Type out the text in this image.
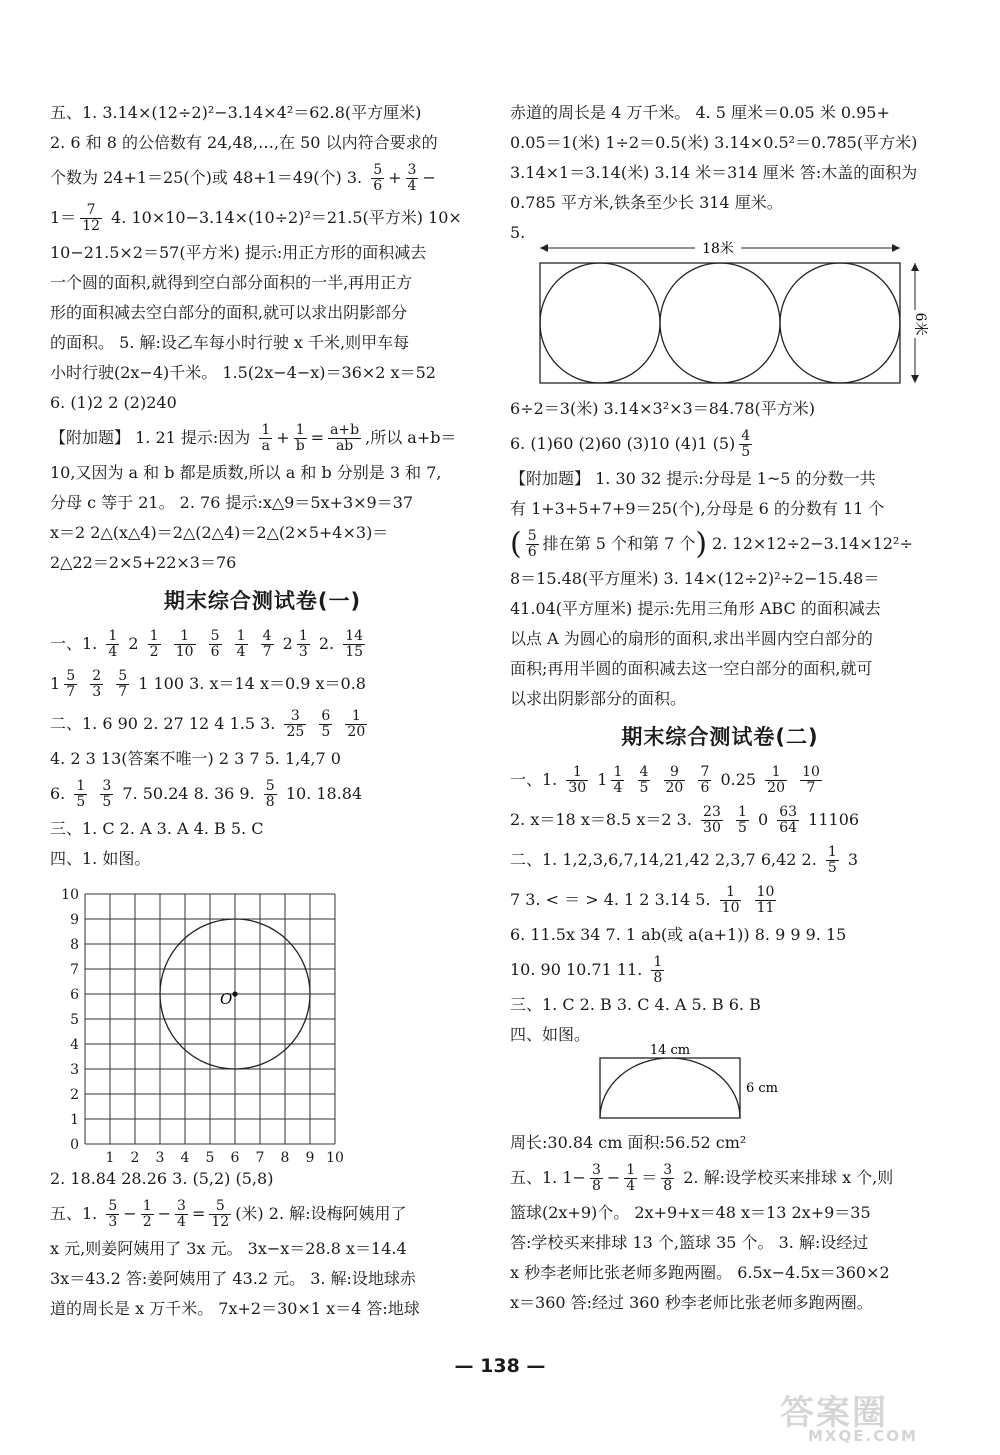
五、1. 3.14×(12÷2)²−3.14×4²＝62.8(平方厘米)
2. 6 和 8 的公倍数有 24,48,…,在 50 以内符合要求的
个数为 24+1＝25(个)或 48+1＝49(个) 3. $\frac{5}{6} + \frac{3}{4}$ −
$1= \frac{7}{12} 4$. 10×10−3.14×(10÷2)²＝21.5(平方米) 10×
10−21.5×2＝57(平方米) 提示:用正方形的面积减去
一个圆的面积,就得到空白部分面积的一半,再用正方
形的面积减去空白部分的面积,就可以求出阴影部分
的面积。 5. 解:设乙车每小时行驶 x 千米,则甲车每
小时行驶(2x−4)千米。 1.5(2x−4−x)＝36×2 x＝52
6. (1)2 2 (2)240
【附加题】 1. 21 提示:因为 $\frac{1}{a} + \frac{1}{b} = \frac{a+b}{ab}$ ,所以 a+b＝
10,又因为 a 和 b 都是质数,所以 a 和 b 分别是 3 和 7,
分母 c 等于 21。 2. 76 提示:x△9＝5x+3×9＝37
x＝2 2△(x△4)＝2△(2△4)＝2△(2×5+4×3)＝
2△22＝2×5+22×3＝76
期末综合测试卷(一)
一、1. $\frac{1}{4} 2 \frac{1}{2}$
$\frac{1}{10}$
$\frac{5}{6}$
$\frac{1}{4}$
$\frac{4}{7} 2 \frac{1}{3} 2$. $\frac{14}{15}$
$1 \frac{5}{7}$
$\frac{2}{3}$
$\frac{5}{7} 1$ 100 3. x＝14 x＝0.9 x＝0.8
二、1. 6 90 2. 27 12 4 1.5 3. $\frac{3}{25}$
$\frac{6}{5}$
$\frac{1}{20}$
4. 2 3 13(答案不唯一) 2 3 7 5. 1,4,7 0
6. $\frac{1}{5}$
$\frac{3}{5} 7$. 50.24 8. 36 9. $\frac{5}{8} 10$. 18.84
三、1. C 2. A 3. A 4. B 5. C
四、1. 如图。
O
10
9
8
7
6
5
4
3
2
1
0
1 2 3 4 5 6 7 8 9 10
2. 18.84 28.26 3. (5,2) (5,8)
五、1. $\frac{5}{3} - \frac{1}{2} - \frac{3}{4} = \frac{5}{12}$ (米) 2. 解:设梅阿姨用了
x 元,则姜阿姨用了 3x 元。 3x−x＝28.8 x＝14.4
3x＝43.2 答:姜阿姨用了 43.2 元。 3. 解:设地球赤
道的周长是 x 万千米。 7x+2＝30×1 x＝4 答:地球
赤道的周长是 4 万千米。 4. 5 厘米＝0.05 米 0.95+
0.05＝1(米) 1÷2＝0.5(米) 3.14×0.5²＝0.785(平方米)
3.14×1＝3.14(米) 3.14 米＝314 厘米 答:木盖的面积为
0.785 平方米,铁条至少长 314 厘米。
5.
18米
6米
6÷2＝3(米) 3.14×3²×3＝84.78(平方米)
6. (1)60 (2)60 (3)10 (4)1 $(5) \frac{4}{5}$
【附加题】 1. 30 32 提示:分母是 1~5 的分数一共
有 1+3+5+7+9＝25(个),分母是 6 的分数有 11 个
( $\frac{5}{6}$ 排在第 5 个和第 7 个) 2. 12×12÷2−3.14×12²÷
8＝15.48(平方厘米) 3. 14×(12÷2)²÷2−15.48＝
41.04(平方厘米) 提示:先用三角形 ABC 的面积减去
以点 A 为圆心的扇形的面积,求出半圆内空白部分的
面积;再用半圆的面积减去这一空白部分的面积,就可
以求出阴影部分的面积。
期末综合测试卷(二)
一、1. $\frac{1}{30} 1 \frac{1}{4}$
$\frac{4}{5}$
$\frac{9}{20}$
$\frac{7}{6} 0.25 \frac{1}{20}$
$\frac{10}{7}$
2. x＝18 x＝8.5 x＝2 3. $\frac{23}{30}$
$\frac{1}{5} 0 \frac{63}{64} 11106$
二、1. 1,2,3,6,7,14,21,42 2,3,7 6,42 2. $\frac{1}{5} 3$
7 3. < ＝ > 4. 1 2 3.14 5. $\frac{1}{10}$
$\frac{10}{11}$
6. 11.5x 34 7. 1 ab(或 a(a+1)) 8. 9 9 9. 15
10. 90 10.71 11. $\frac{1}{8}$
三、1. C 2. B 3. C 4. A 5. B 6. B
四、如图。
14 cm
6 cm
周长:30.84 cm 面积:56.52 cm²
五、1. $1- \frac{3}{8} - \frac{1}{4} = \frac{3}{8} 2$. 解:设学校买来排球 x 个,则
篮球(2x+9)个。 2x+9+x＝48 x＝13 2x+9＝35
答:学校买来排球 13 个,篮球 35 个。 3. 解:设经过
x 秒李老师比张老师多跑两圈。 6.5x−4.5x＝360×2
x＝360 答:经过 360 秒李老师比张老师多跑两圈。
— 138 —
答案圈
MXQE.COM
